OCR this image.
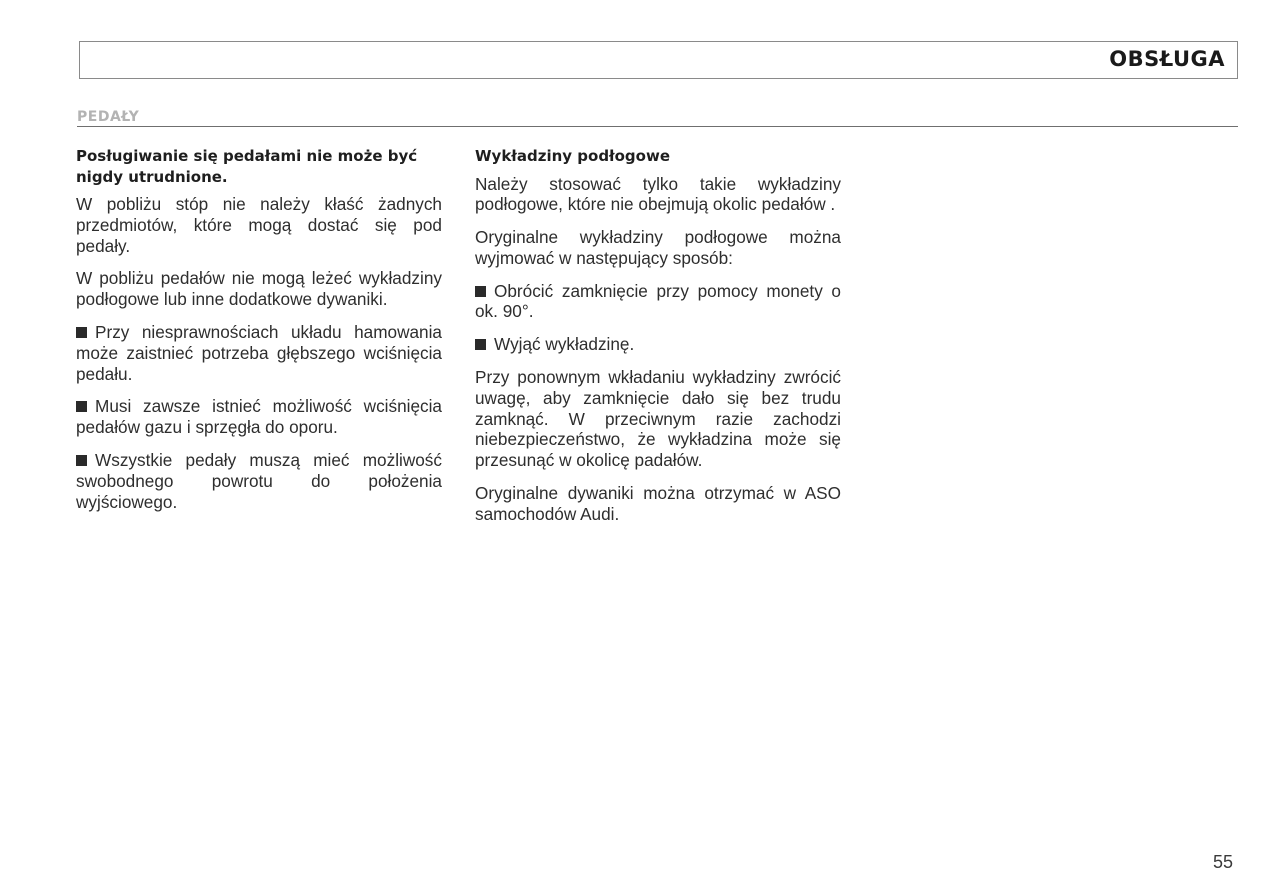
OBSŁUGA
PEDAŁY

Posługiwanie się pedałami nie może być nigdy utrudnione.

W pobliżu stóp nie należy kłaść żadnych przedmiotów, które mogą dostać się pod pedały.

W pobliżu pedałów nie mogą leżeć wykładziny podłogowe lub inne dodatkowe dywaniki.

Przy niesprawnościach układu hamowania może zaistnieć potrzeba głębszego wciśnięcia pedału.

Musi zawsze istnieć możliwość wciśnięcia pedałów gazu i sprzęgła do oporu.

Wszystkie pedały muszą mieć możliwość swobodnego powrotu do położenia wyjściowego.

Wykładziny podłogowe

Należy stosować tylko takie wykładziny podłogowe, które nie obejmują okolic pedałów .

Oryginalne wykładziny podłogowe można wyjmować w następujący sposób:

Obrócić zamknięcie przy pomocy monety o ok. 90°.

Wyjąć wykładzinę.

Przy ponownym wkładaniu wykładziny zwrócić uwagę, aby zamknięcie dało się bez trudu zamknąć. W przeciwnym razie zachodzi niebezpieczeństwo, że wykładzina może się przesunąć w okolicę padałów.

Oryginalne dywaniki można otrzymać w ASO samochodów Audi.

55
